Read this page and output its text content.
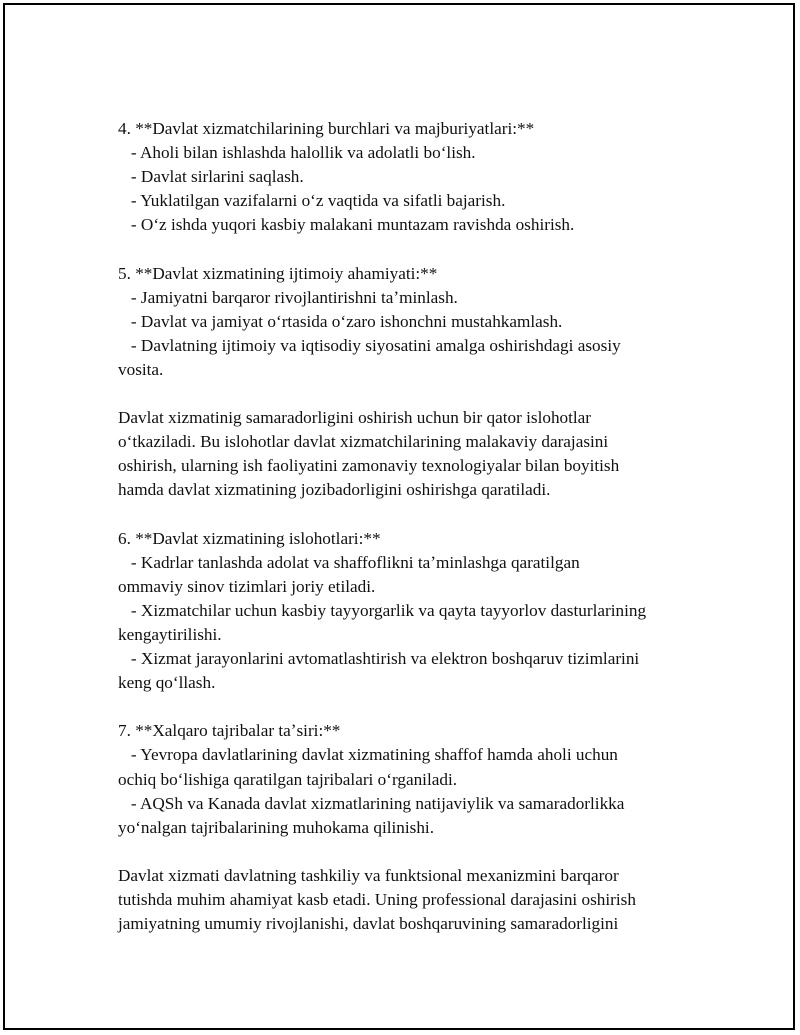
4. **Davlat xizmatchilarining burchlari va majburiyatlari:**
- Aholi bilan ishlashda halollik va adolatli boʻlish.
- Davlat sirlarini saqlash.
- Yuklatilgan vazifalarni oʻz vaqtida va sifatli bajarish.
- Oʻz ishda yuqori kasbiy malakani muntazam ravishda oshirish.
5. **Davlat xizmatining ijtimoiy ahamiyati:**
- Jamiyatni barqaror rivojlantirishni taʼminlash.
- Davlat va jamiyat oʻrtasida oʻzaro ishonchni mustahkamlash.
- Davlatning ijtimoiy va iqtisodiy siyosatini amalga oshirishdagi asosiy
vosita.
Davlat xizmatinig samaradorligini oshirish uchun bir qator islohotlar
oʻtkaziladi. Bu islohotlar davlat xizmatchilarining malakaviy darajasini
oshirish, ularning ish faoliyatini zamonaviy texnologiyalar bilan boyitish
hamda davlat xizmatining jozibadorligini oshirishga qaratiladi.
6. **Davlat xizmatining islohotlari:**
- Kadrlar tanlashda adolat va shaffoflikni taʼminlashga qaratilgan
ommaviy sinov tizimlari joriy etiladi.
- Xizmatchilar uchun kasbiy tayyorgarlik va qayta tayyorlov dasturlarining
kengaytirilishi.
- Xizmat jarayonlarini avtomatlashtirish va elektron boshqaruv tizimlarini
keng qoʻllash.
7. **Xalqaro tajribalar taʼsiri:**
- Yevropa davlatlarining davlat xizmatining shaffof hamda aholi uchun
ochiq boʻlishiga qaratilgan tajribalari oʻrganiladi.
- AQSh va Kanada davlat xizmatlarining natijaviylik va samaradorlikka
yoʻnalgan tajribalarining muhokama qilinishi.
Davlat xizmati davlatning tashkiliy va funktsional mexanizmini barqaror
tutishda muhim ahamiyat kasb etadi. Uning professional darajasini oshirish
jamiyatning umumiy rivojlanishi, davlat boshqaruvining samaradorligini
